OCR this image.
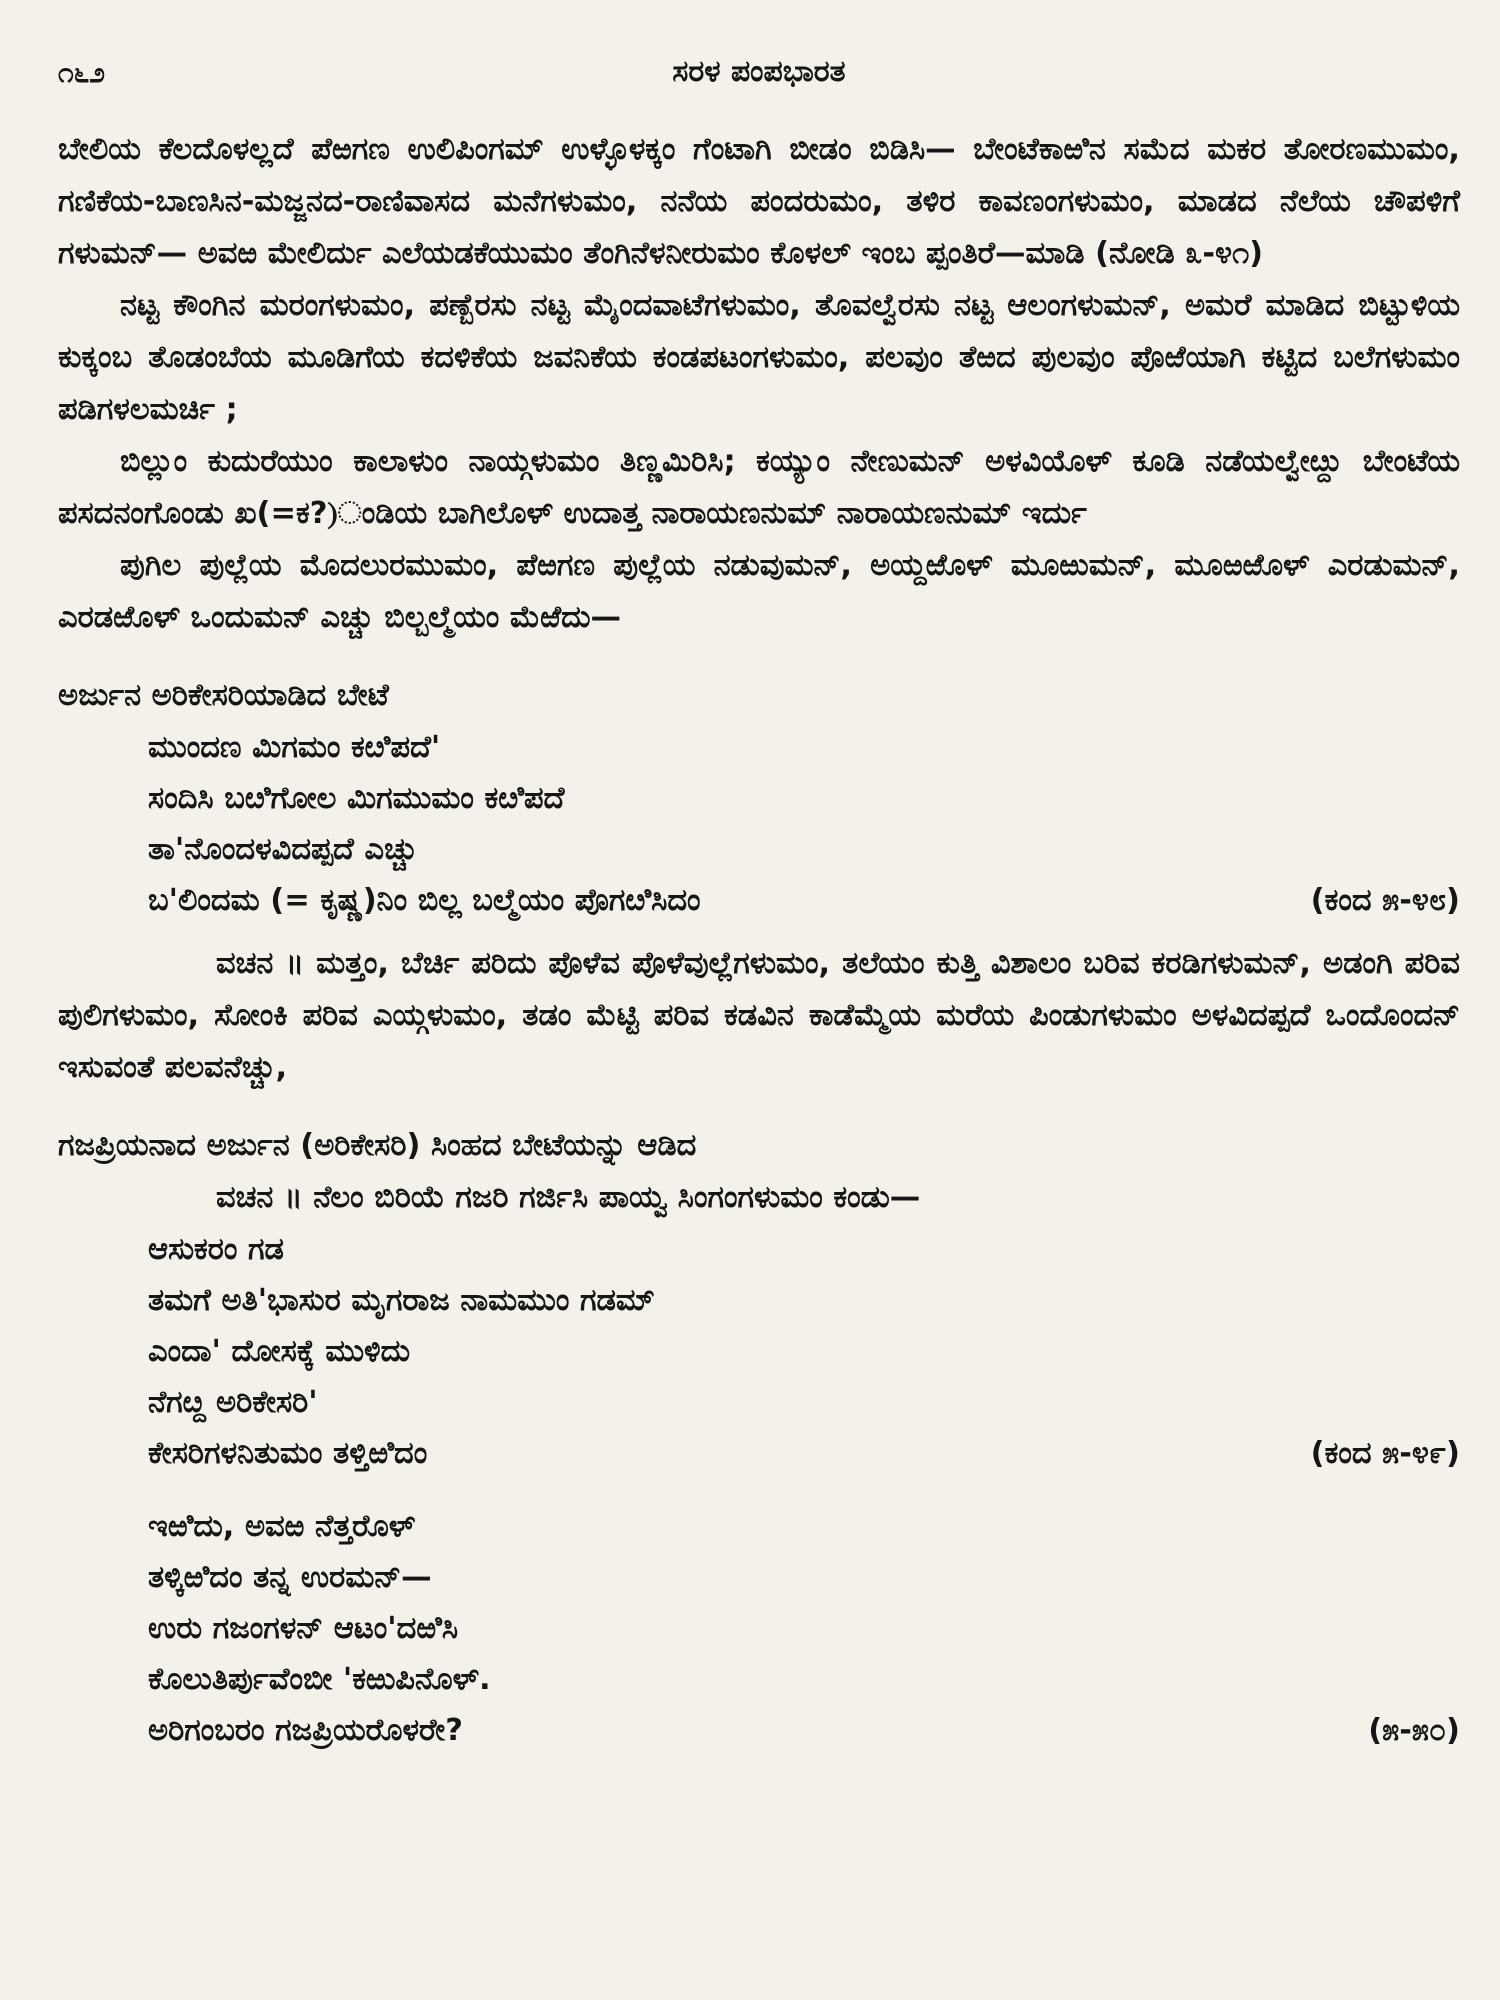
೧೬೨	ಸರಳ ಪಂಪಭಾರತ

ಬೇಲಿಯ ಕೆಲದೊಳಲ್ಲದೆ ಪೆಱಗಣ ಉಲಿಪಿಂಗಮ್ ಉಳ್ಳೊಳಕ್ಕಂ ಗೆಂಟಾಗಿ ಬೀಡಂ ಬಿಡಿಸಿ— ಬೇಂಟೆಕಾಱಿನ ಸಮೆದ ಮಕರ ತೋರಣಮುಮಂ, ಗಣಿಕೆಯ-ಬಾಣಸಿನ-ಮಜ್ಜನದ-ರಾಣಿವಾಸದ ಮನೆಗಳುಮಂ, ನನೆಯ ಪಂದರುಮಂ, ತಳಿರ ಕಾವಣಂಗಳುಮಂ, ಮಾಡದ ನೆಲೆಯ ಚೌಪಳಿಗೆ ಗಳುಮನ್— ಅವಱ ಮೇಲಿರ್ದು ಎಲೆಯಡಕೆಯುಮಂ ತೆಂಗಿನೆಳನೀರುಮಂ ಕೊಳಲ್ ಇಂಬ ಪ್ಪಂತಿರೆ—ಮಾಡಿ (ನೋಡಿ ೩-೪೧)

ನಟ್ಟ ಕೌಂಗಿನ ಮರಂಗಳುಮಂ, ಪಣ್ಬೆರಸು ನಟ್ಟ ಮೈಂದವಾಟೆಗಳುಮಂ, ತೊವಲ್ವೆರಸು ನಟ್ಟ ಆಲಂಗಳುಮನ್, ಅಮರೆ ಮಾಡಿದ ಬಿಟ್ಟುಳಿಯ ಕುಕ್ಕಂಬ ತೊಡಂಬೆಯ ಮೂಡಿಗೆಯ ಕದಳಿಕೆಯ ಜವನಿಕೆಯ ಕಂಡಪಟಂಗಳುಮಂ, ಪಲವುಂ ತೆಱದ ಪುಲವುಂ ಪೊಱೆಯಾಗಿ ಕಟ್ಟಿದ ಬಲೆಗಳುಮಂ ಪಡಿಗಳಲಮರ್ಚಿ ;

ಬಿಲ್ಲುಂ ಕುದುರೆಯುಂ ಕಾಲಾಳುಂ ನಾಯ್ಗಳುಮಂ ತಿಣ್ಣಮಿರಿಸಿ; ಕಯ್ಯುಂ ನೇಣುಮನ್ ಅಳವಿಯೊಳ್ ಕೂಡಿ ನಡೆಯಲ್ವೇೞ್ದು ಬೇಂಟೆಯ ಪಸದನಂಗೊಂಡು ಖ(=ಕ?)ಂಡಿಯ ಬಾಗಿಲೊಳ್ ಉದಾತ್ತ ನಾರಾಯಣನುಮ್ ನಾರಾಯಣನುಮ್ ಇರ್ದು

ಪುಗಿಲ ಪುಲ್ಲೆಯ ಮೊದಲುರಮುಮಂ, ಪೆಱಗಣ ಪುಲ್ಲೆಯ ನಡುವುಮನ್, ಅಯ್ದಱೊಳ್ ಮೂಱುಮನ್, ಮೂಱಱೊಳ್ ಎರಡುಮನ್, ಎರಡಱೊಳ್ ಒಂದುಮನ್ ಎಚ್ಚು ಬಿಲ್ಬಲ್ಮೆಯಂ ಮೆಱೆದು—

ಅರ್ಜುನ ಅರಿಕೇಸರಿಯಾಡಿದ ಬೇಟೆ
ಮುಂದಣ ಮಿಗಮಂ ಕೞಿಪದೆ'
ಸಂದಿಸಿ ಬೞಿಗೋಲ ಮಿಗಮುಮಂ ಕೞಿಪದೆ
ತಾ'ನೊಂದಳವಿದಪ್ಪದೆ ಎಚ್ಚು
ಬ'ಲಿಂದಮ (= ಕೃಷ್ಣ)ನಿಂ ಬಿಲ್ಲ ಬಲ್ಮೆಯಂ ಪೊಗೞಿಸಿದಂ	(ಕಂದ ೫-೪೮)

ವಚನ ॥ ಮತ್ತಂ, ಬೆರ್ಚಿ ಪರಿದು ಪೊಳೆವ ಪೊಳೆವುಲ್ಲೆಗಳುಮಂ, ತಲೆಯಂ ಕುತ್ತಿ ವಿಶಾಲಂ ಬರಿವ ಕರಡಿಗಳುಮನ್, ಅಡಂಗಿ ಪರಿವ ಪುಲಿಗಳುಮಂ, ಸೋಂಕಿ ಪರಿವ ಎಯ್ಗಳುಮಂ, ತಡಂ ಮೆಟ್ಟಿ ಪರಿವ ಕಡವಿನ ಕಾಡೆಮ್ಮೆಯ ಮರೆಯ ಪಿಂಡುಗಳುಮಂ ಅಳವಿದಪ್ಪದೆ ಒಂದೊಂದನ್ ಇಸುವಂತೆ ಪಲವನೆಚ್ಚು,

ಗಜಪ್ರಿಯನಾದ ಅರ್ಜುನ (ಅರಿಕೇಸರಿ) ಸಿಂಹದ ಬೇಟೆಯನ್ನು ಆಡಿದ
ವಚನ ॥ ನೆಲಂ ಬಿರಿಯೆ ಗಜರಿ ಗರ್ಜಿಸಿ ಪಾಯ್ವ ಸಿಂಗಂಗಳುಮಂ ಕಂಡು—
ಆಸುಕರಂ ಗಡ
ತಮಗೆ ಅತಿ'ಭಾಸುರ ಮೃಗರಾಜ ನಾಮಮುಂ ಗಡಮ್
ಎಂದಾ' ದೋಸಕ್ಕೆ ಮುಳಿದು
ನೆಗೞ್ದ ಅರಿಕೇಸರಿ'
ಕೇಸರಿಗಳನಿತುಮಂ ತಳ್ತಿಱಿದಂ	(ಕಂದ ೫-೪೯)
ಇಱಿದು, ಅವಱ ನೆತ್ತರೊಳ್
ತಳ್ಕಿಱಿದಂ ತನ್ನ ಉರಮನ್—
ಉರು ಗಜಂಗಳನ್ ಆಟಂ'ದಱಿಸಿ
ಕೊಲುತಿರ್ಪುವೆಂಬೀ 'ಕಱುಪಿನೊಳ್.
ಅರಿಗಂಬರಂ ಗಜಪ್ರಿಯರೊಳರೇ?	(೫-೫೦)
